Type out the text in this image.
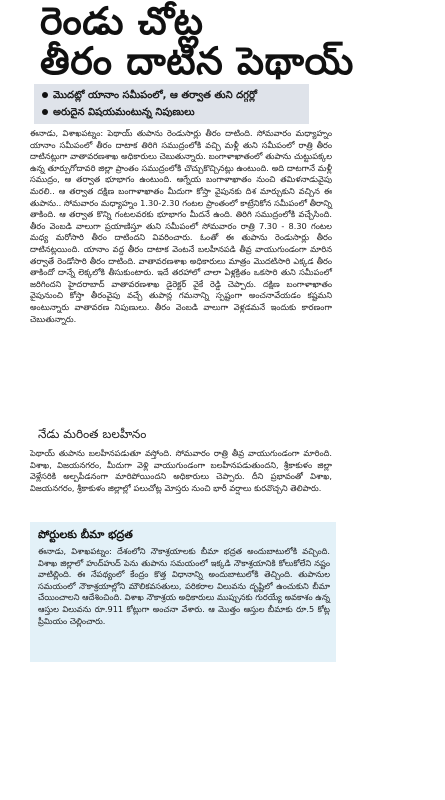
రెండు చోట్ల
తీరం దాటిన పెథాయ్
మొదట్లో యానాం సమీపంలో, ఆ తర్వాత తుని దగ్గర్లో
అరుదైన విషయమంటున్న నిపుణులు
ఈనాడు, విశాఖపట్నం: పెథాయ్ తుపాను రెండుసార్లు తీరం దాటింది. సోమవారం మధ్యాహ్నం యానాం సమీపంలో తీరం దాటాక తిరిగి సముద్రంలోకి వచ్చి మళ్లీ తుని సమీపంలో రాత్రి తీరం దాటినట్లుగా వాతావరణశాఖ అధికారులు చెబుతున్నారు. బంగాళాఖాతంలో తుపాను చుట్టుపక్కల ఉన్న తూర్పుగోదావరి జిల్లా ప్రాంతం సముద్రంలోకి చొచ్చుకొచ్చినట్లు ఉంటుంది. అది దాటగానే మళ్లీ సముద్రం, ఆ తర్వాత భూభాగం ఉంటుంది. ఆగ్నేయ బంగాళాఖాతం నుంచి తమిళనాడువైపు మరలి.. ఆ తర్వాత దక్షిణ బంగాళాఖాతం మీదుగా కోస్తా వైపునకు దిశ మార్చుకుని వచ్చిన ఈ తుపాను.. సోమవారం మధ్యాహ్నం 1.30-2.30 గంటల ప్రాంతంలో కాట్రేనికోన సమీపంలో తీరాన్ని తాకింది. ఆ తర్వాత కొన్ని గంటలవరకు భూభాగం మీదనే ఉంది. తిరిగి సముద్రంలోకి వచ్చేసింది. తీరం వెంబడి వాలుగా ప్రయాణిస్తూ తుని సమీపంలో సోమవారం రాత్రి 7.30 - 8.30 గంటల మధ్య మరోసారి తీరం దాటిందని వివరించారు. ఓంతో ఈ తుపాను రెండుసార్లు తీరం దాటినట్లయింది. యానాం వద్ద తీరం దాటాక వెంటనే బలహీనపడి తీవ్ర వాయుగుండంగా మారిన తర్వాతే రెండోసారి తీరం దాటింది. వాతావరణశాఖ అధికారులు మాత్రం మొదటిసారి ఎక్కడ తీరం తాకిందో దాన్నే లెక్కలోకి తీసుకుంటారు. ఇదే తరహాలో చాలా ఏళ్లక్రితం ఒకసారి తుని సమీపంలో జరిగిందని హైదరాబాద్ వాతావరణశాఖ డైరెక్టర్ వైకే రెడ్డి చెప్పారు. దక్షిణ బంగాళాఖాతం వైపునుంచి కోస్తా తీరంవైపు వచ్చే తుపాన్ల గమనాన్ని స్పష్టంగా అంచనావేయడం కష్టమని అంటున్నారు వాతావరణ నిపుణులు. తీరం వెంబడి వాలుగా వెళ్లడమనే ఇందుకు కారణంగా చెబుతున్నారు.
నేడు మరింత బలహీనం
పెథాయ్ తుపాను బలహీనపడుతూ వస్తోంది. సోమవారం రాత్రి తీవ్ర వాయుగుండంగా మారింది. విశాఖ, విజయనగరం, మీదుగా వెళ్లి వాయుగుండంగా బలహీనపడుతుందని, శ్రీకాకుళం జిల్లా వెళ్లేసరికి అల్పపీడనంగా మారిపోయిందని అధికారులు చెప్పారు. దీని ప్రభావంతో విశాఖ, విజయనగరం, శ్రీకాకుళం జిల్లాల్లో పలుచోట్ల మోస్తరు నుంచి భారీ వర్షాలు కురవొచ్చని తెలిపారు.
పోర్టులకు బీమా భద్రత
ఈనాడు, విశాఖపట్నం: దేశంలోని నౌకాశ్రయాలకు బీమా భద్రత అందుబాటులోకి వచ్చింది. విశాఖ జిల్లాలో హుద్‌హుద్ పెను తుపాను సమయంలో ఇక్కడి నౌకాశ్రయానికి కోలుకోలేని నష్టం వాటిల్లింది. ఈ నేపథ్యంలో కేంద్రం కొత్త విధానాన్ని అందుబాటులోకి తెచ్చింది. తుపానుల సమయంలో నౌకాశ్రయాల్లోని మౌలికవసతులు, పరికరాల విలువను దృష్టిలో ఉంచుకుని బీమా చేయించాలని ఆదేశించింది. విశాఖ నౌకాశ్రయ అధికారులు ముప్పునకు గురయ్యే అవకాశం ఉన్న ఆస్తుల విలువను రూ.911 కోట్లుగా అంచనా వేశారు. ఆ మొత్తం ఆస్తుల బీమాకు రూ.5 కోట్ల ప్రీమియం చెల్లించారు.
